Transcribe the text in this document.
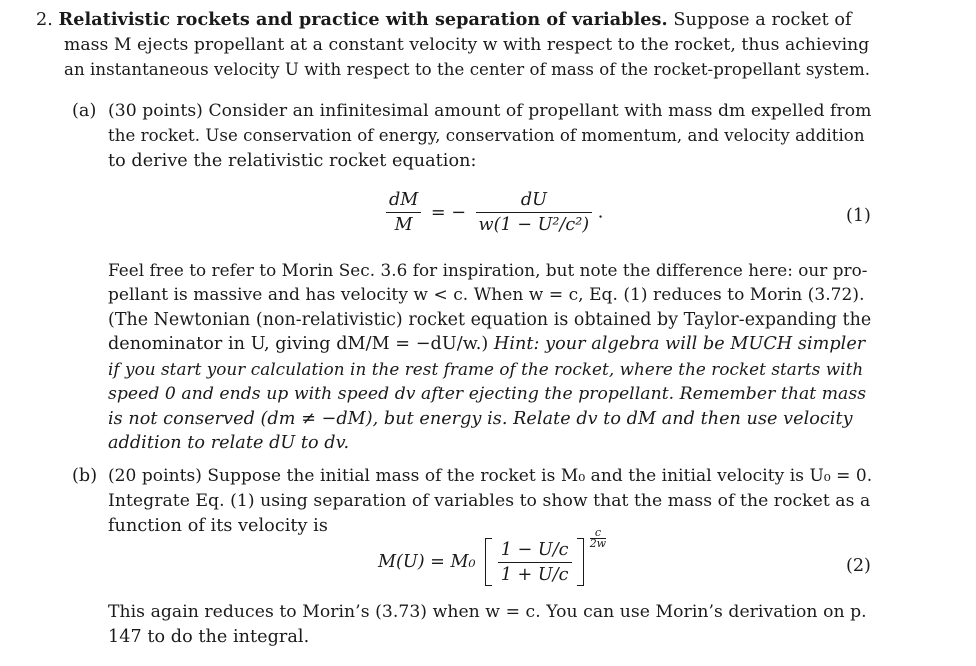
2. Relativistic rockets and practice with separation of variables. Suppose a rocket of
mass M ejects propellant at a constant velocity w with respect to the rocket, thus achieving
an instantaneous velocity U with respect to the center of mass of the rocket-propellant system.
(a) (30 points) Consider an infinitesimal amount of propellant with mass dm expelled from
the rocket. Use conservation of energy, conservation of momentum, and velocity addition
to derive the relativistic rocket equation:
$\frac{dM}{M}$ = − $\frac{dU}{\text{w(1 − U²/c²)}}$ .	(1)
Feel free to refer to Morin Sec. 3.6 for inspiration, but note the difference here: our pro-
pellant is massive and has velocity w < c. When w = c, Eq. (1) reduces to Morin (3.72).
(The Newtonian (non-relativistic) rocket equation is obtained by Taylor-expanding the
denominator in U, giving dM/M = −dU/w.) Hint: your algebra will be MUCH simpler
if you start your calculation in the rest frame of the rocket, where the rocket starts with
speed 0 and ends up with speed dv after ejecting the propellant. Remember that mass
is not conserved (dm ≠ −dM), but energy is. Relate dv to dM and then use velocity
addition to relate dU to dv.
(b) (20 points) Suppose the initial mass of the rocket is M₀ and the initial velocity is U₀ = 0.
Integrate Eq. (1) using separation of variables to show that the mass of the rocket as a
function of its velocity is
$M(U) = M_0 \frac{1 - U/c}{1 + U/c}$

$\frac{c}{2w}$
(2)
This again reduces to Morin’s (3.73) when w = c. You can use Morin’s derivation on p.
147 to do the integral.
